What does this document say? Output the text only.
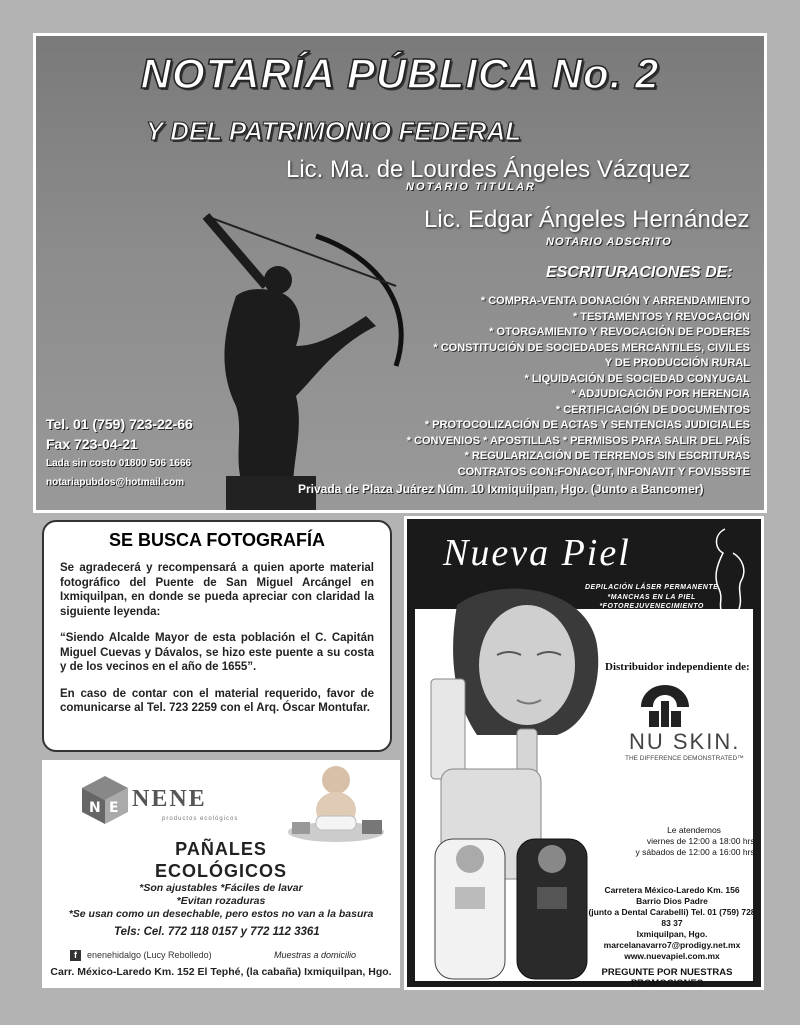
NOTARÍA PÚBLICA No. 2
Y DEL PATRIMONIO FEDERAL
Lic. Ma. de Lourdes Ángeles Vázquez
NOTARIO TITULAR
Lic. Edgar Ángeles Hernández
NOTARIO ADSCRITO
ESCRITURACIONES DE:
* COMPRA-VENTA DONACIÓN Y ARRENDAMIENTO
* TESTAMENTOS Y REVOCACIÓN
* OTORGAMIENTO Y REVOCACIÓN DE PODERES
* CONSTITUCIÓN DE SOCIEDADES MERCANTILES, CIVILES
Y DE PRODUCCIÓN RURAL
* LIQUIDACIÓN DE SOCIEDAD CONYUGAL
* ADJUDICACIÓN POR HERENCIA
* CERTIFICACIÓN DE DOCUMENTOS
* PROTOCOLIZACIÓN DE ACTAS Y SENTENCIAS JUDICIALES
* CONVENIOS * APOSTILLAS * PERMISOS PARA SALIR DEL PAÍS
* REGULARIZACIÓN DE TERRENOS SIN ESCRITURAS
CONTRATOS CON:FONACOT, INFONAVIT Y FOVISSSTE
Tel. 01 (759) 723-22-66
Fax 723-04-21
Lada sin costo 01800 506 1666
notariapubdos@hotmail.com	Privada de Plaza Juárez Núm. 10 Ixmiquilpan, Hgo. (Junto a Bancomer)
SE BUSCA FOTOGRAFÍA

Se agradecerá y recompensará a quien aporte material fotográfico del Puente de San Miguel Arcángel en Ixmiquilpan, en donde se pueda apreciar con claridad la siguiente leyenda:

“Siendo Alcalde Mayor de esta población el C. Capitán Miguel Cuevas y Dávalos, se hizo este puente a su costa y de los vecinos en el año de 1655”.

En caso de contar con el material requerido, favor de comunicarse al Tel. 723 2259 con el Arq. Óscar Montufar.

N E NENE
productos ecológicos
PAÑALES
ECOLÓGICOS
*Son ajustables *Fáciles de lavar
*Evitan rozaduras
*Se usan como un desechable, pero estos no van a la basura
Tels: Cel. 772 118 0157 y 772 112 3361
f enenehidalgo (Lucy Rebolledo)	Muestras a domicilio
Carr. México-Laredo Km. 152 El Tephé, (la cabaña) Ixmiquilpan, Hgo.
Nueva Piel
DEPILACIÓN LÁSER PERMANENTE
*MANCHAS EN LA PIEL
*FOTOREJUVENECIMIENTO
*MICRODERMOABRASIÓN
CON PUNTAS DE DIAMANTE
*ACNÉ
Distribuidor independiente de:
NU SKIN.
THE DIFFERENCE DEMONSTRATED™
Le atendemos
viernes de 12:00 a 18:00 hrs.
y sábados de 12:00 a 16:00 hrs.
Carretera México-Laredo Km. 156
Barrio Dios Padre
(junto a Dental Carabelli) Tel. 01 (759) 728 83 37
Ixmiquilpan, Hgo.
marcelanavarro7@prodigy.net.mx
www.nuevapiel.com.mx
PREGUNTE POR NUESTRAS PROMOCIONES
